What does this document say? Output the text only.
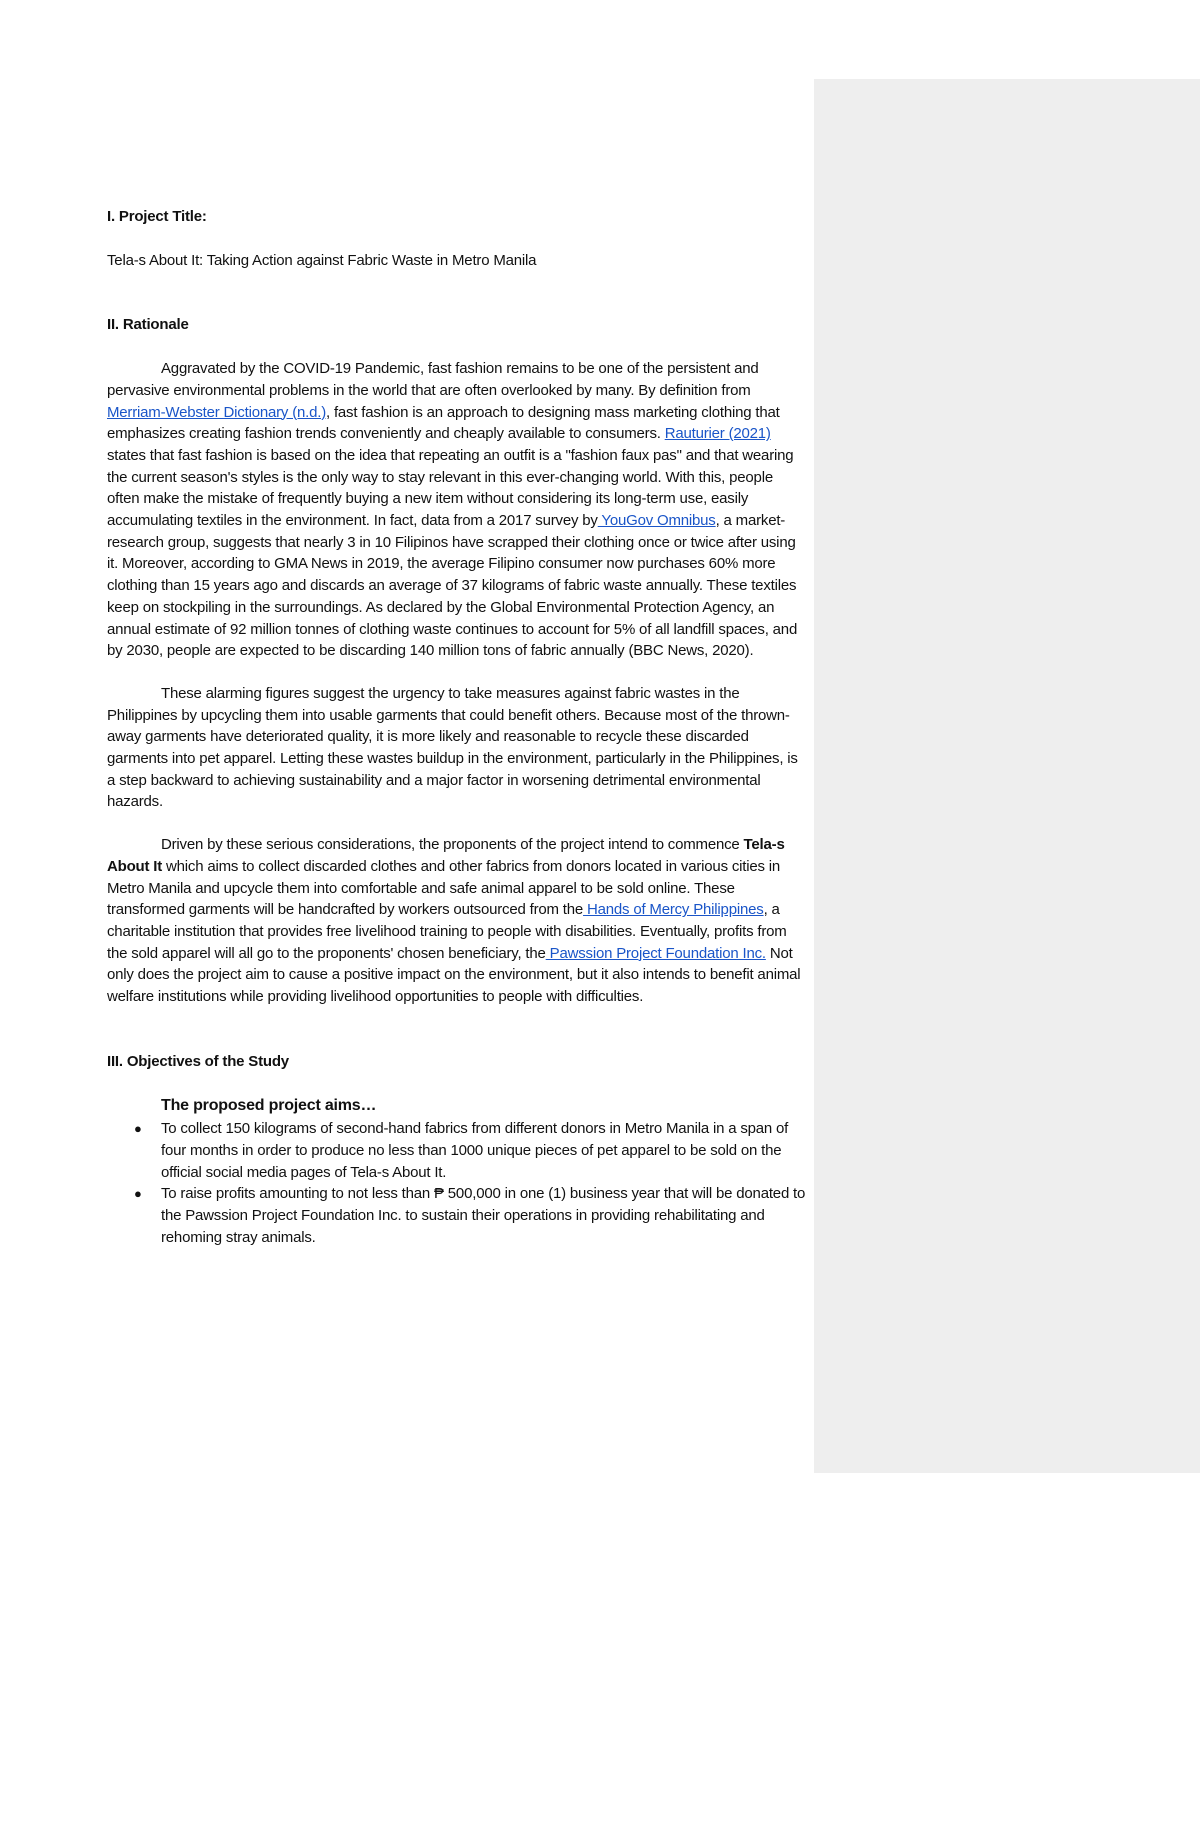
I. Project Title:

Tela-s About It: Taking Action against Fabric Waste in Metro Manila

II. Rationale

Aggravated by the COVID-19 Pandemic, fast fashion remains to be one of the persistent and pervasive environmental problems in the world that are often overlooked by many. By definition from Merriam-Webster Dictionary (n.d.), fast fashion is an approach to designing mass marketing clothing that emphasizes creating fashion trends conveniently and cheaply available to consumers. Rauturier (2021) states that fast fashion is based on the idea that repeating an outfit is a "fashion faux pas" and that wearing the current season's styles is the only way to stay relevant in this ever-changing world. With this, people often make the mistake of frequently buying a new item without considering its long-term use, easily accumulating textiles in the environment. In fact, data from a 2017 survey by YouGov Omnibus, a market-research group, suggests that nearly 3 in 10 Filipinos have scrapped their clothing once or twice after using it. Moreover, according to GMA News in 2019, the average Filipino consumer now purchases 60% more clothing than 15 years ago and discards an average of 37 kilograms of fabric waste annually. These textiles keep on stockpiling in the surroundings. As declared by the Global Environmental Protection Agency, an annual estimate of 92 million tonnes of clothing waste continues to account for 5% of all landfill spaces, and by 2030, people are expected to be discarding 140 million tons of fabric annually (BBC News, 2020).

These alarming figures suggest the urgency to take measures against fabric wastes in the Philippines by upcycling them into usable garments that could benefit others. Because most of the thrown-away garments have deteriorated quality, it is more likely and reasonable to recycle these discarded garments into pet apparel. Letting these wastes buildup in the environment, particularly in the Philippines, is a step backward to achieving sustainability and a major factor in worsening detrimental environmental hazards.

Driven by these serious considerations, the proponents of the project intend to commence Tela-s About It which aims to collect discarded clothes and other fabrics from donors located in various cities in Metro Manila and upcycle them into comfortable and safe animal apparel to be sold online. These transformed garments will be handcrafted by workers outsourced from the Hands of Mercy Philippines, a charitable institution that provides free livelihood training to people with disabilities. Eventually, profits from the sold apparel will all go to the proponents' chosen beneficiary, the Pawssion Project Foundation Inc. Not only does the project aim to cause a positive impact on the environment, but it also intends to benefit animal welfare institutions while providing livelihood opportunities to people with difficulties.

III. Objectives of the Study

The proposed project aims…

● To collect 150 kilograms of second-hand fabrics from different donors in Metro Manila in a span of four months in order to produce no less than 1000 unique pieces of pet apparel to be sold on the official social media pages of Tela-s About It.
● To raise profits amounting to not less than ₱ 500,000 in one (1) business year that will be donated to the Pawssion Project Foundation Inc. to sustain their operations in providing rehabilitating and rehoming stray animals.
